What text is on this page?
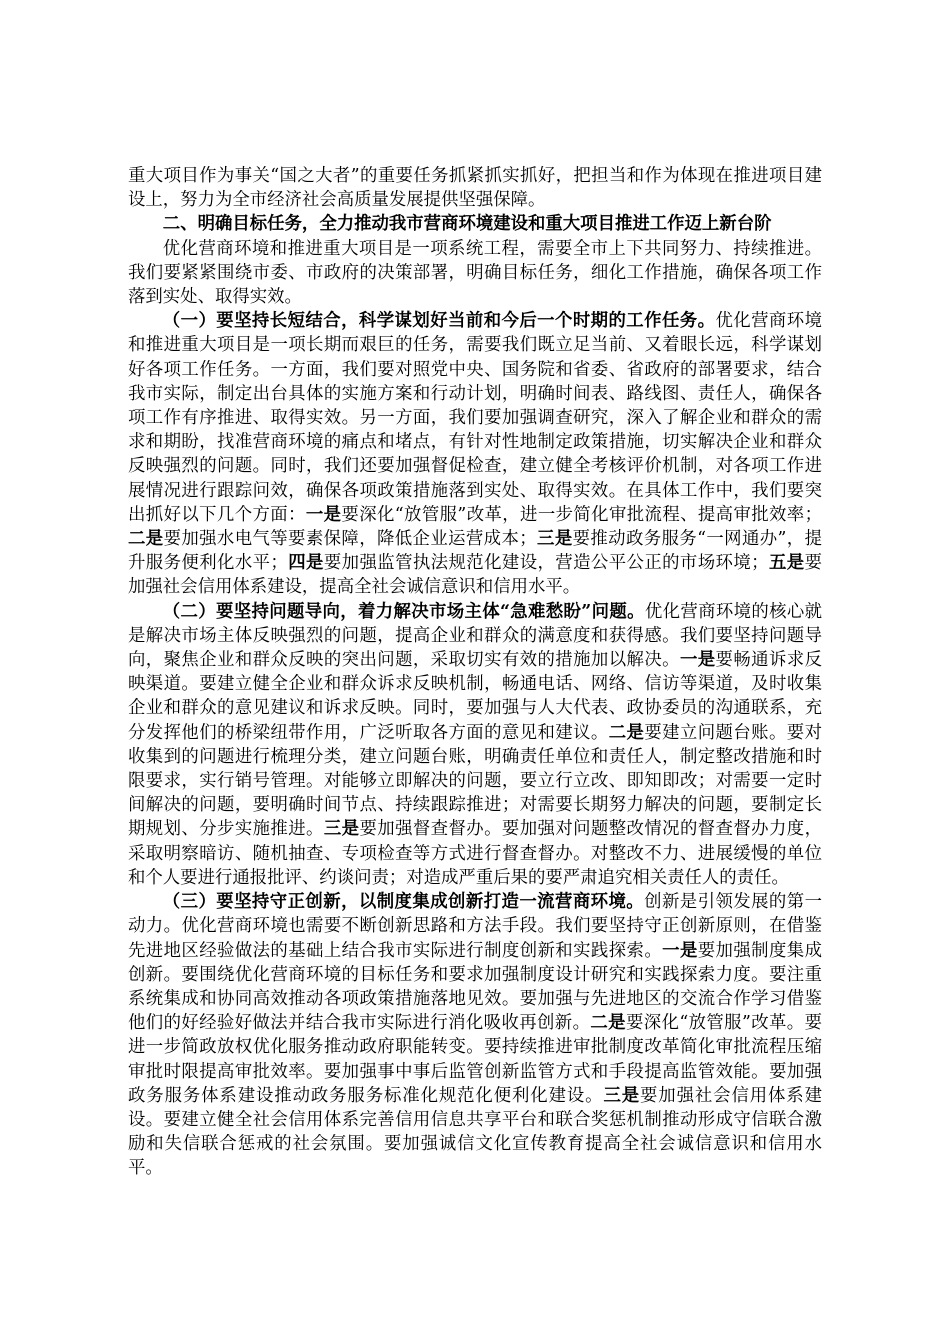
重大项目作为事关“国之大者”的重要任务抓紧抓实抓好，把担当和作为体现在推进项目建设上，努力为全市经济社会高质量发展提供坚强保障。

二、明确目标任务，全力推动我市营商环境建设和重大项目推进工作迈上新台阶

优化营商环境和推进重大项目是一项系统工程，需要全市上下共同努力、持续推进。我们要紧紧围绕市委、市政府的决策部署，明确目标任务，细化工作措施，确保各项工作落到实处、取得实效。

（一）要坚持长短结合，科学谋划好当前和今后一个时期的工作任务。优化营商环境和推进重大项目是一项长期而艰巨的任务，需要我们既立足当前、又着眼长远，科学谋划好各项工作任务。一方面，我们要对照党中央、国务院和省委、省政府的部署要求，结合我市实际，制定出台具体的实施方案和行动计划，明确时间表、路线图、责任人，确保各项工作有序推进、取得实效。另一方面，我们要加强调查研究，深入了解企业和群众的需求和期盼，找准营商环境的痛点和堵点，有针对性地制定政策措施，切实解决企业和群众反映强烈的问题。同时，我们还要加强督促检查，建立健全考核评价机制，对各项工作进展情况进行跟踪问效，确保各项政策措施落到实处、取得实效。在具体工作中，我们要突出抓好以下几个方面：一是要深化“放管服”改革，进一步简化审批流程、提高审批效率；二是要加强水电气等要素保障，降低企业运营成本；三是要推动政务服务“一网通办”，提升服务便利化水平；四是要加强监管执法规范化建设，营造公平公正的市场环境；五是要加强社会信用体系建设，提高全社会诚信意识和信用水平。

（二）要坚持问题导向，着力解决市场主体“急难愁盼”问题。优化营商环境的核心就是解决市场主体反映强烈的问题，提高企业和群众的满意度和获得感。我们要坚持问题导向，聚焦企业和群众反映的突出问题，采取切实有效的措施加以解决。一是要畅通诉求反映渠道。要建立健全企业和群众诉求反映机制，畅通电话、网络、信访等渠道，及时收集企业和群众的意见建议和诉求反映。同时，要加强与人大代表、政协委员的沟通联系，充分发挥他们的桥梁纽带作用，广泛听取各方面的意见和建议。二是要建立问题台账。要对收集到的问题进行梳理分类，建立问题台账，明确责任单位和责任人，制定整改措施和时限要求，实行销号管理。对能够立即解决的问题，要立行立改、即知即改；对需要一定时间解决的问题，要明确时间节点、持续跟踪推进；对需要长期努力解决的问题，要制定长期规划、分步实施推进。三是要加强督查督办。要加强对问题整改情况的督查督办力度，采取明察暗访、随机抽查、专项检查等方式进行督查督办。对整改不力、进展缓慢的单位和个人要进行通报批评、约谈问责；对造成严重后果的要严肃追究相关责任人的责任。

（三）要坚持守正创新，以制度集成创新打造一流营商环境。创新是引领发展的第一动力。优化营商环境也需要不断创新思路和方法手段。我们要坚持守正创新原则，在借鉴先进地区经验做法的基础上结合我市实际进行制度创新和实践探索。一是要加强制度集成创新。要围绕优化营商环境的目标任务和要求加强制度设计研究和实践探索力度。要注重系统集成和协同高效推动各项政策措施落地见效。要加强与先进地区的交流合作学习借鉴他们的好经验好做法并结合我市实际进行消化吸收再创新。二是要深化“放管服”改革。要进一步简政放权优化服务推动政府职能转变。要持续推进审批制度改革简化审批流程压缩审批时限提高审批效率。要加强事中事后监管创新监管方式和手段提高监管效能。要加强政务服务体系建设推动政务服务标准化规范化便利化建设。三是要加强社会信用体系建设。要建立健全社会信用体系完善信用信息共享平台和联合奖惩机制推动形成守信联合激励和失信联合惩戒的社会氛围。要加强诚信文化宣传教育提高全社会诚信意识和信用水平。
